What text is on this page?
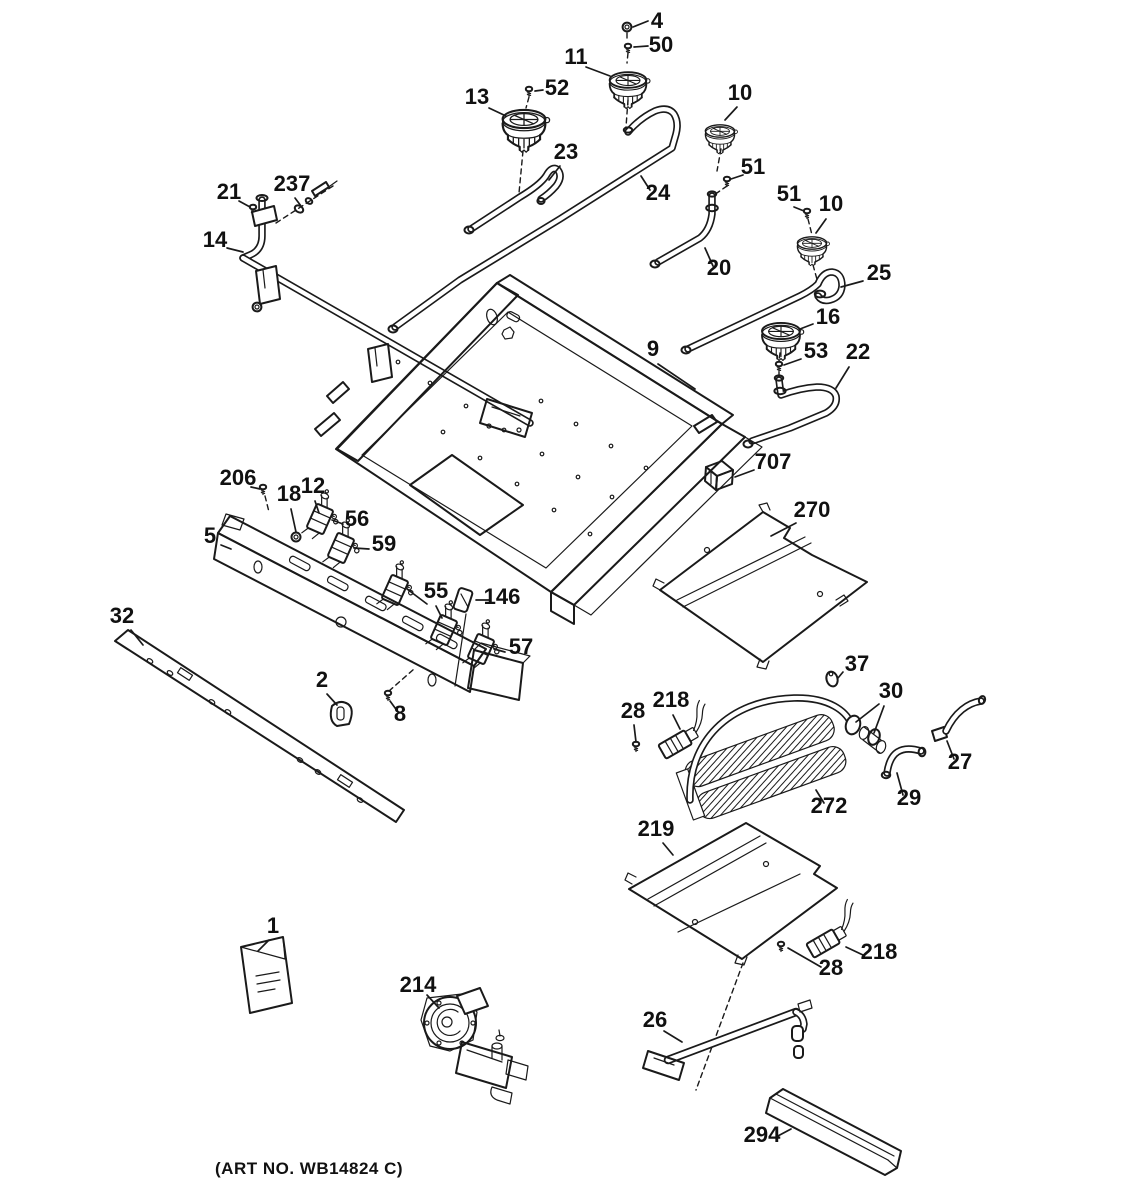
4
50
11
52
13	10
23
24
51
51 10
21 237
14
20	25
16
9	53 22
707
270
206
18 12
56
5	59
55 146
57
32
2
8
37
30
218
28
27
29
272
219
218
28
1
214
26
294
(ART NO. WB14824 C)
